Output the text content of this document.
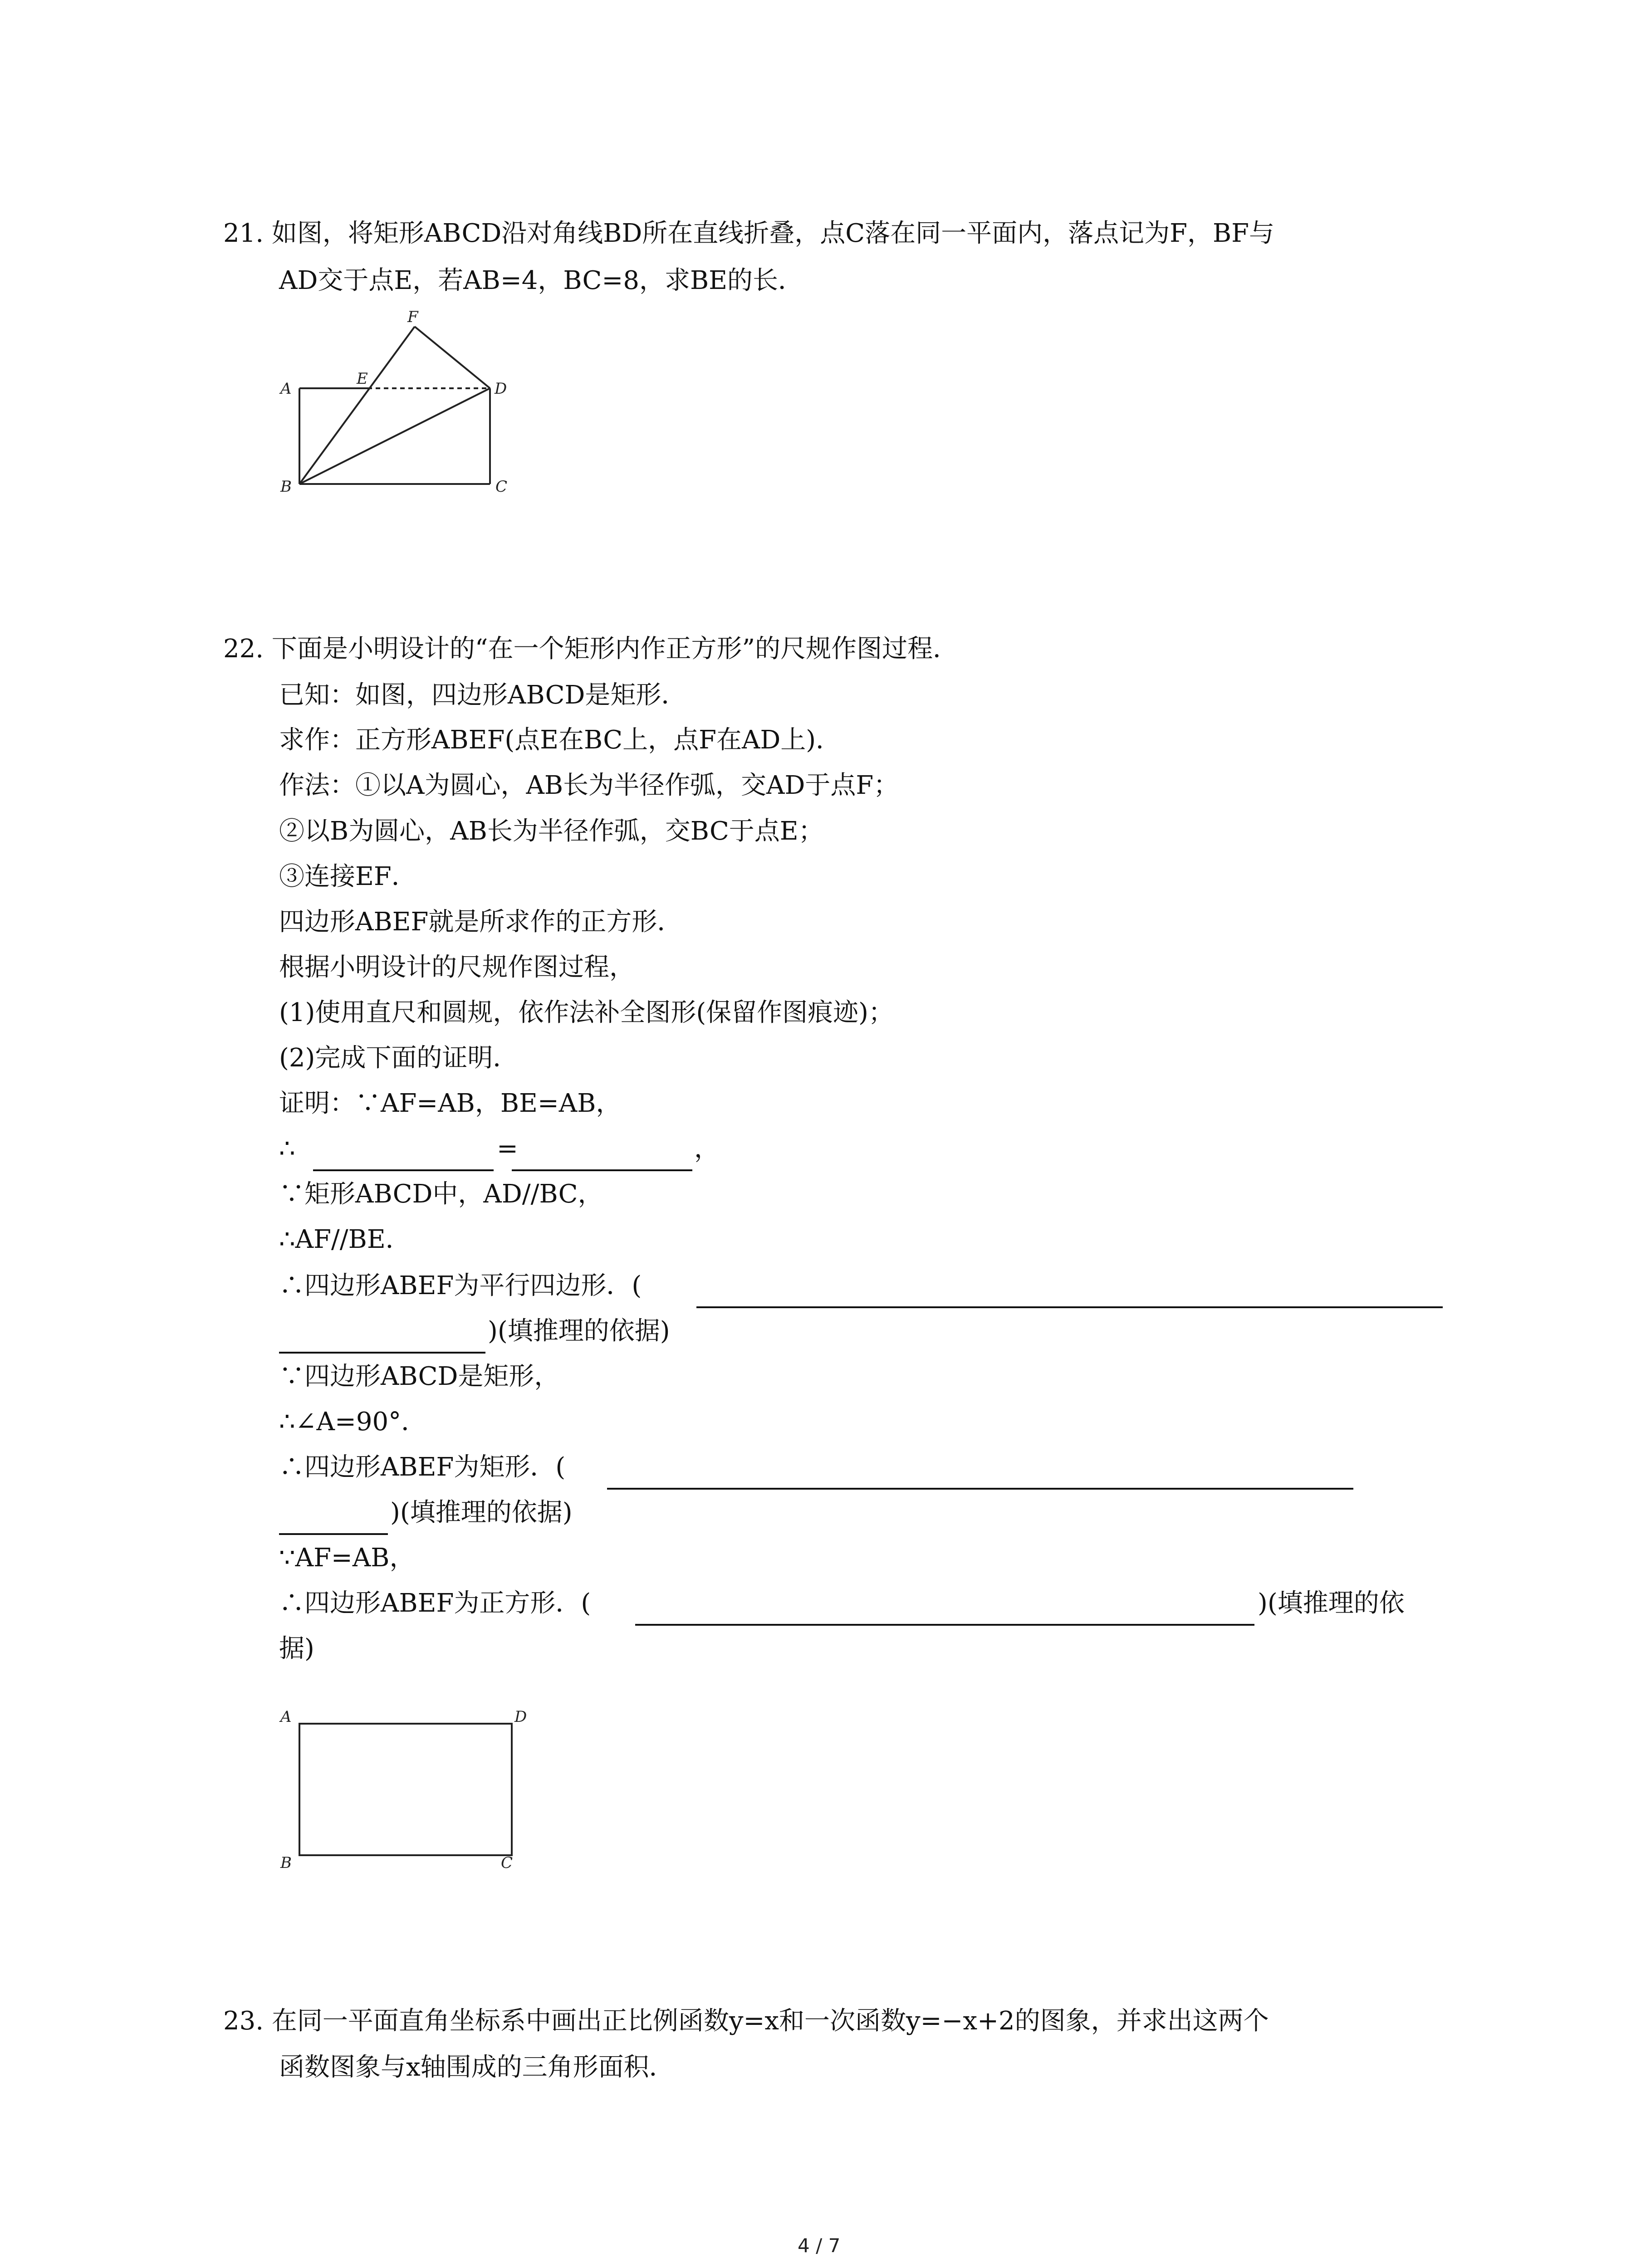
21. 如图，将矩形ABCD沿对角线BD所在直线折叠，点C落在同一平面内，落点记为F，BF与
AD交于点E，若AB=4，BC=8，求BE的长．
A
B	C
D
E
F
22. 下面是小明设计的“在一个矩形内作正方形”的尺规作图过程．
已知：如图，四边形ABCD是矩形．
求作：正方形ABEF(点E在BC上，点F在AD上)．
作法：①以A为圆心，AB长为半径作弧，交AD于点F；
②以B为圆心，AB长为半径作弧，交BC于点E；
③连接EF．
四边形ABEF就是所求作的正方形．
根据小明设计的尺规作图过程，
(1)使用直尺和圆规，依作法补全图形(保留作图痕迹)；
(2)完成下面的证明．
证明：∵AF=AB，BE=AB，
∴	=	，
∵矩形ABCD中，AD//BC，
∴AF//BE．
∴四边形ABEF为平行四边形．(
)(填推理的依据)
∵四边形ABCD是矩形，
∴∠A=90°．
∴四边形ABEF为矩形．(
)(填推理的依据)
∵AF=AB，
∴四边形ABEF为正方形．(	)(填推理的依
据)
A
B	C
D
23. 在同一平面直角坐标系中画出正比例函数y=x和一次函数y=−x+2的图象，并求出这两个
函数图象与x轴围成的三角形面积．
4 / 7
